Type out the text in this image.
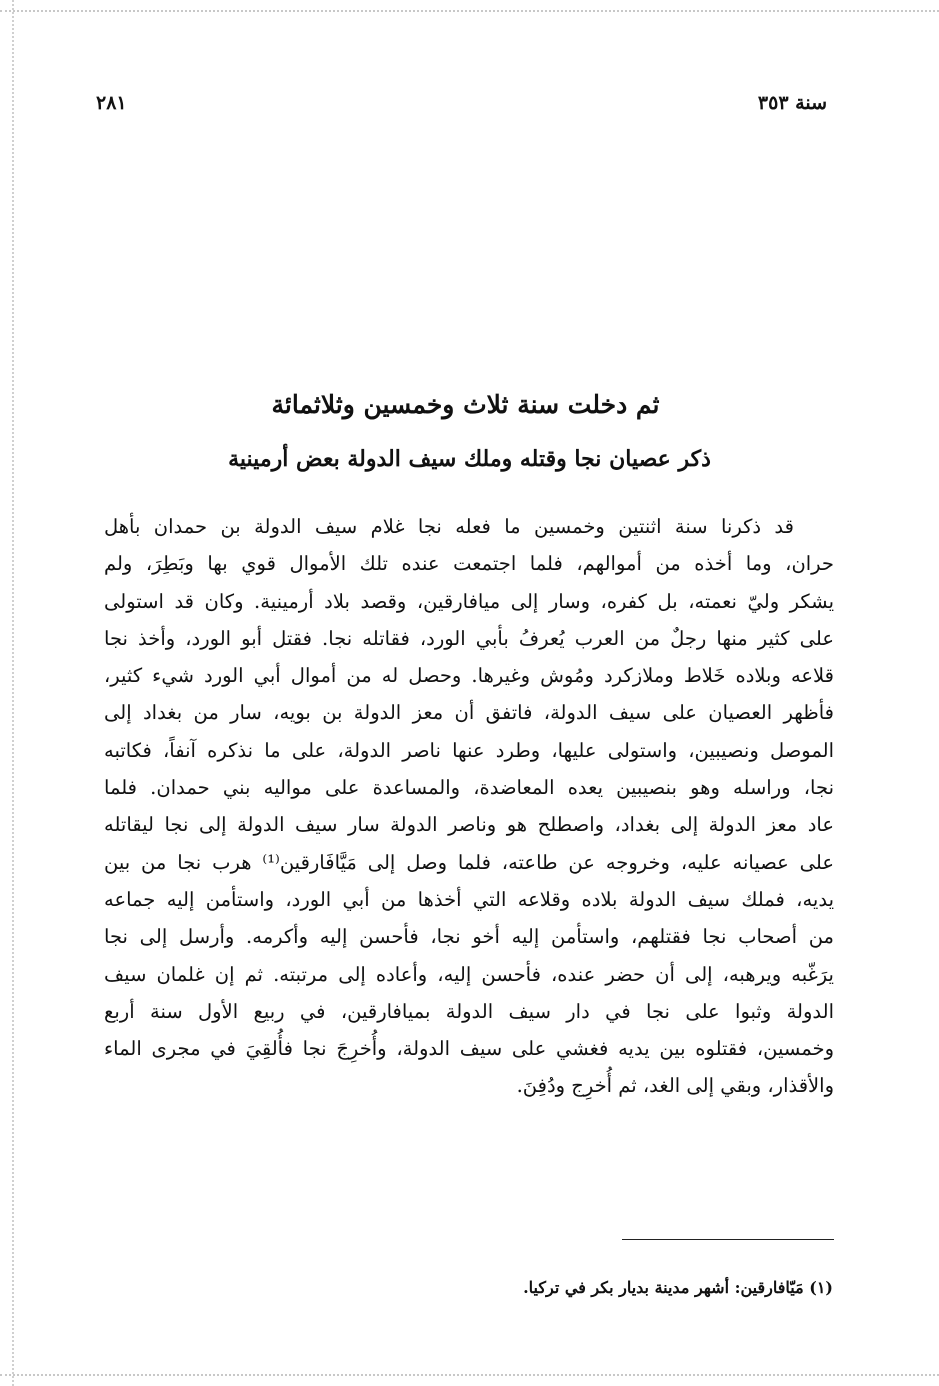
٢٨١	سنة ٣٥٣
ثم دخلت سنة ثلاث وخمسين وثلاثمائة
ذكر عصيان نجا وقتله وملك سيف الدولة بعض أرمينية
قد ذكرنا سنة اثنتين وخمسين ما فعله نجا غلام سيف الدولة بن حمدان بأهل
حران، وما أخذه من أموالهم، فلما اجتمعت عنده تلك الأموال قوي بها وبَطِرَ، ولم
يشكر وليّ نعمته، بل كفره، وسار إلى ميافارقين، وقصد بلاد أرمينية. وكان قد استولى
على كثير منها رجلٌ من العرب يُعرفُ بأبي الورد، فقاتله نجا. فقتل أبو الورد، وأخذ نجا
قلاعه وبلاده خَلاط وملازكرد ومُوش وغيرها. وحصل له من أموال أبي الورد شيء كثير،
فأظهر العصيان على سيف الدولة، فاتفق أن معز الدولة بن بويه، سار من بغداد إلى
الموصل ونصيبين، واستولى عليها، وطرد عنها ناصر الدولة، على ما نذكره آنفاً، فكاتبه
نجا، وراسله وهو بنصيبين يعده المعاضدة، والمساعدة على مواليه بني حمدان. فلما
عاد معز الدولة إلى بغداد، واصطلح هو وناصر الدولة سار سيف الدولة إلى نجا ليقاتله
على عصيانه عليه، وخروجه عن طاعته، فلما وصل إلى مَيَّافَارقين⁽¹⁾ هرب نجا من بين
يديه، فملك سيف الدولة بلاده وقلاعه التي أخذها من أبي الورد، واستأمن إليه جماعه
من أصحاب نجا فقتلهم، واستأمن إليه أخو نجا، فأحسن إليه وأكرمه. وأرسل إلى نجا
يرَغّبه ويرهبه، إلى أن حضر عنده، فأحسن إليه، وأعاده إلى مرتبته. ثم إن غلمان سيف
الدولة وثبوا على نجا في دار سيف الدولة بميافارقين، في ربيع الأول سنة أربع
وخمسين، فقتلوه بين يديه فغشي على سيف الدولة، وأُخرِجَ نجا فأُلقِيَ في مجرى الماء
والأقذار، وبقي إلى الغد، ثم أُخرِج ودُفِنَ.
(١) مَيّافارقين: أشهر مدينة بديار بكر في تركيا.
